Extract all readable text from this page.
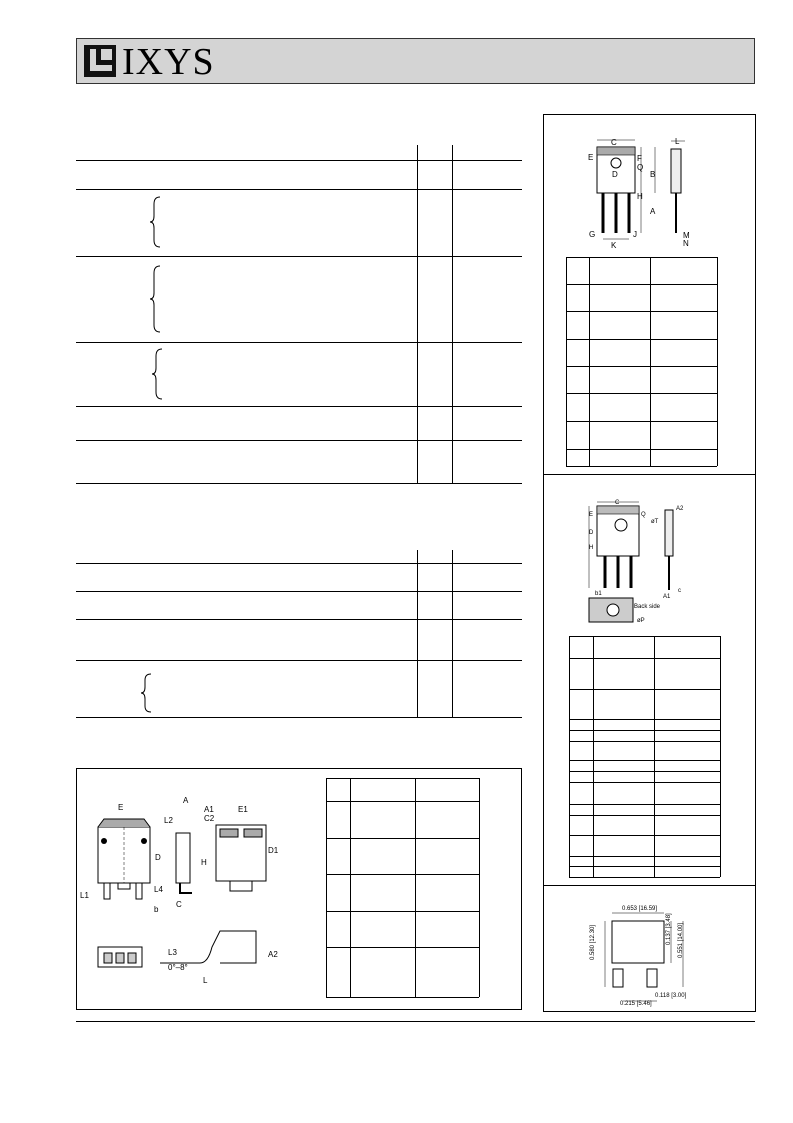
IXYS
C	L
E	F
Q
D	B
H
A
G
K
J	M
N
C
A2
E
øT
Q
D
H
b1	A1
c
Back side
øP
0.653 [16.59]
0.580 [12.30]	0.137 [3.48] 0.551 [14.00]
0.118 [3.00]
0.215 [5.46]
E
A
A1
C2
E1
L2
D
D1
H
L1
L4
b
C
L3	A2
L
0°–8°
